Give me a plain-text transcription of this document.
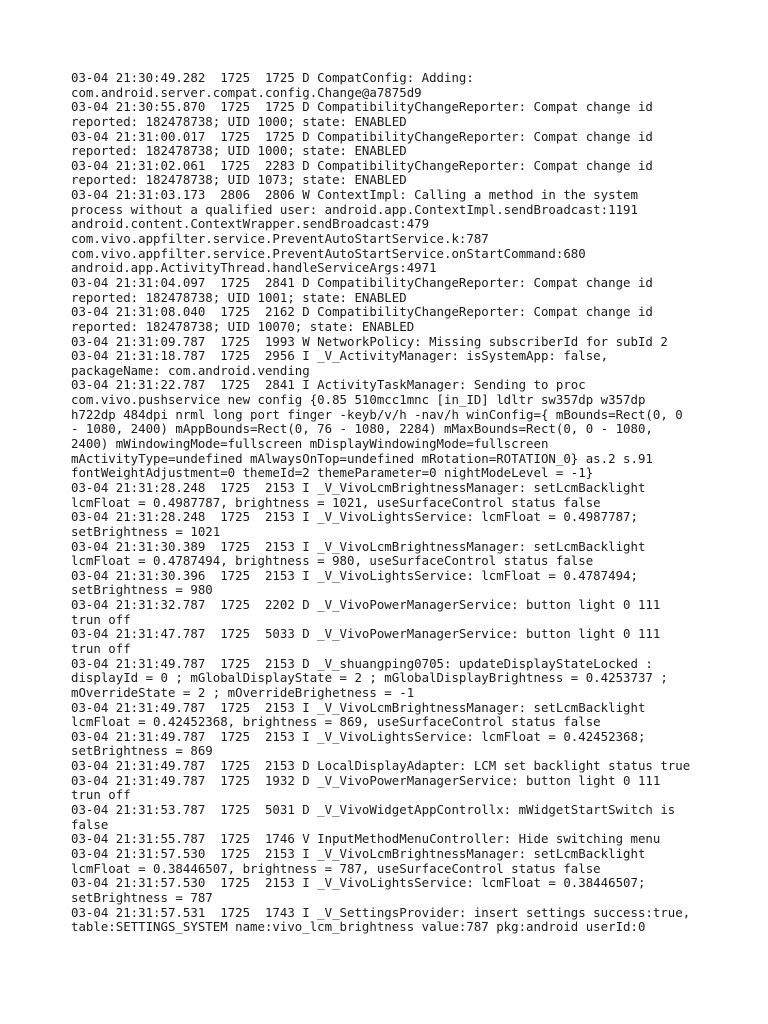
03-04 21:30:49.282  1725  1725 D CompatConfig: Adding:
com.android.server.compat.config.Change@a7875d9
03-04 21:30:55.870  1725  1725 D CompatibilityChangeReporter: Compat change id
reported: 182478738; UID 1000; state: ENABLED
03-04 21:31:00.017  1725  1725 D CompatibilityChangeReporter: Compat change id
reported: 182478738; UID 1000; state: ENABLED
03-04 21:31:02.061  1725  2283 D CompatibilityChangeReporter: Compat change id
reported: 182478738; UID 1073; state: ENABLED
03-04 21:31:03.173  2806  2806 W ContextImpl: Calling a method in the system
process without a qualified user: android.app.ContextImpl.sendBroadcast:1191
android.content.ContextWrapper.sendBroadcast:479
com.vivo.appfilter.service.PreventAutoStartService.k:787
com.vivo.appfilter.service.PreventAutoStartService.onStartCommand:680
android.app.ActivityThread.handleServiceArgs:4971
03-04 21:31:04.097  1725  2841 D CompatibilityChangeReporter: Compat change id
reported: 182478738; UID 1001; state: ENABLED
03-04 21:31:08.040  1725  2162 D CompatibilityChangeReporter: Compat change id
reported: 182478738; UID 10070; state: ENABLED
03-04 21:31:09.787  1725  1993 W NetworkPolicy: Missing subscriberId for subId 2
03-04 21:31:18.787  1725  2956 I _V_ActivityManager: isSystemApp: false,
packageName: com.android.vending
03-04 21:31:22.787  1725  2841 I ActivityTaskManager: Sending to proc
com.vivo.pushservice new config {0.85 510mcc1mnc [in_ID] ldltr sw357dp w357dp
h722dp 484dpi nrml long port finger -keyb/v/h -nav/h winConfig={ mBounds=Rect(0, 0
- 1080, 2400) mAppBounds=Rect(0, 76 - 1080, 2284) mMaxBounds=Rect(0, 0 - 1080,
2400) mWindowingMode=fullscreen mDisplayWindowingMode=fullscreen
mActivityType=undefined mAlwaysOnTop=undefined mRotation=ROTATION_0} as.2 s.91
fontWeightAdjustment=0 themeId=2 themeParameter=0 nightModeLevel = -1}
03-04 21:31:28.248  1725  2153 I _V_VivoLcmBrightnessManager: setLcmBacklight
lcmFloat = 0.4987787, brightness = 1021, useSurfaceControl status false
03-04 21:31:28.248  1725  2153 I _V_VivoLightsService: lcmFloat = 0.4987787;
setBrightness = 1021
03-04 21:31:30.389  1725  2153 I _V_VivoLcmBrightnessManager: setLcmBacklight
lcmFloat = 0.4787494, brightness = 980, useSurfaceControl status false
03-04 21:31:30.396  1725  2153 I _V_VivoLightsService: lcmFloat = 0.4787494;
setBrightness = 980
03-04 21:31:32.787  1725  2202 D _V_VivoPowerManagerService: button light 0 111
trun off
03-04 21:31:47.787  1725  5033 D _V_VivoPowerManagerService: button light 0 111
trun off
03-04 21:31:49.787  1725  2153 D _V_shuangping0705: updateDisplayStateLocked :
displayId = 0 ; mGlobalDisplayState = 2 ; mGlobalDisplayBrightness = 0.4253737 ;
mOverrideState = 2 ; mOverrideBrighetness = -1
03-04 21:31:49.787  1725  2153 I _V_VivoLcmBrightnessManager: setLcmBacklight
lcmFloat = 0.42452368, brightness = 869, useSurfaceControl status false
03-04 21:31:49.787  1725  2153 I _V_VivoLightsService: lcmFloat = 0.42452368;
setBrightness = 869
03-04 21:31:49.787  1725  2153 D LocalDisplayAdapter: LCM set backlight status true
03-04 21:31:49.787  1725  1932 D _V_VivoPowerManagerService: button light 0 111
trun off
03-04 21:31:53.787  1725  5031 D _V_VivoWidgetAppControllx: mWidgetStartSwitch is
false
03-04 21:31:55.787  1725  1746 V InputMethodMenuController: Hide switching menu
03-04 21:31:57.530  1725  2153 I _V_VivoLcmBrightnessManager: setLcmBacklight
lcmFloat = 0.38446507, brightness = 787, useSurfaceControl status false
03-04 21:31:57.530  1725  2153 I _V_VivoLightsService: lcmFloat = 0.38446507;
setBrightness = 787
03-04 21:31:57.531  1725  1743 I _V_SettingsProvider: insert settings success:true,
table:SETTINGS_SYSTEM name:vivo_lcm_brightness value:787 pkg:android userId:0
